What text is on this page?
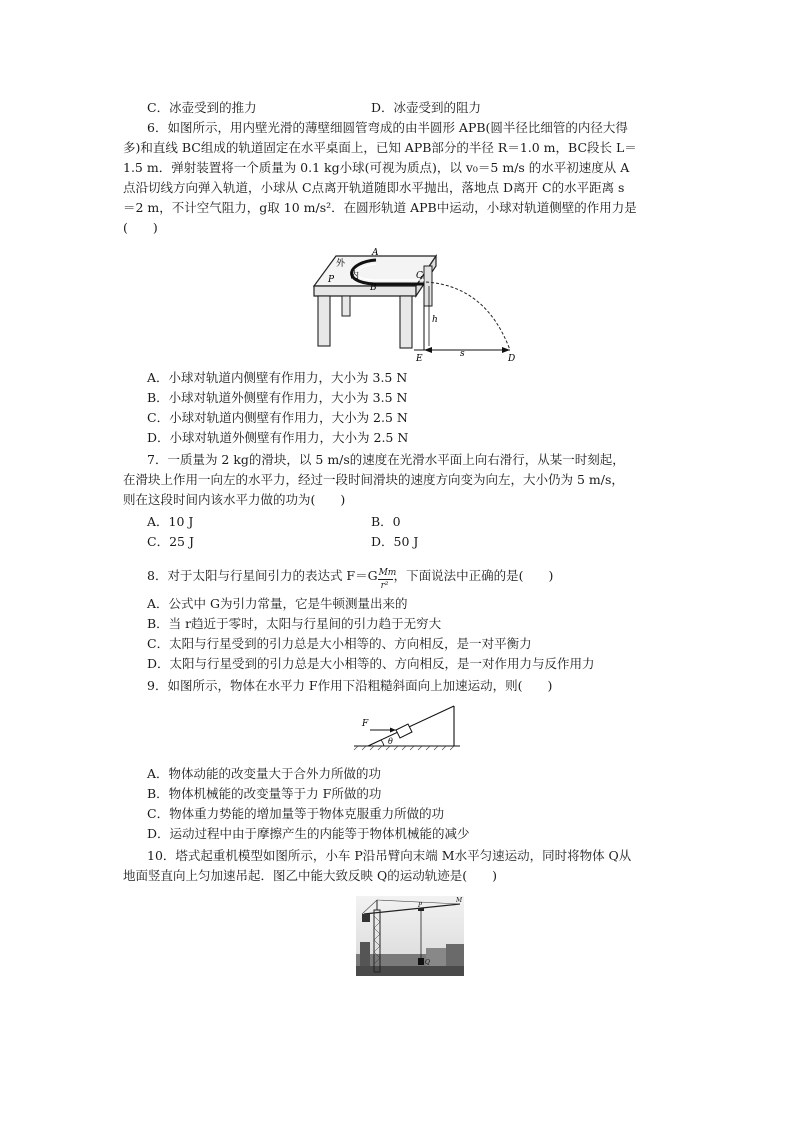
C．冰壶受到的推力	D．冰壶受到的阻力
6．如图所示，用内壁光滑的薄壁细圆管弯成的由半圆形 APB(圆半径比细管的内径大得
多)和直线 BC组成的轨道固定在水平桌面上，已知 APB部分的半径 R＝1.0 m，BC段长 L＝
1.5 m．弹射装置将一个质量为 0.1 kg小球(可视为质点)，以 v₀＝5 m/s 的水平初速度从 A
点沿切线方向弹入轨道，小球从 C点离开轨道随即水平抛出，落地点 D离开 C的水平距离 s
＝2 m，不计空气阻力，g取 10 m/s²．在圆形轨道 APB中运动，小球对轨道侧壁的作用力是
(　　)
A
外
内
P
B
C
h
E	s	D
A．小球对轨道内侧壁有作用力，大小为 3.5 N
B．小球对轨道外侧壁有作用力，大小为 3.5 N
C．小球对轨道内侧壁有作用力，大小为 2.5 N
D．小球对轨道外侧壁有作用力，大小为 2.5 N
7．一质量为 2 kg的滑块，以 5 m/s的速度在光滑水平面上向右滑行，从某一时刻起，
在滑块上作用一向左的水平力，经过一段时间滑块的速度方向变为向左，大小仍为 5 m/s，
则在这段时间内该水平力做的功为(　　)
A．10 J	B．0
C．25 J	D．50 J
8．对于太阳与行星间引力的表达式 F＝G
$\frac{Mm}{\text{r²}}$
，下面说法中正确的是(　　)
A．公式中 G为引力常量，它是牛顿测量出来的
B．当 r趋近于零时，太阳与行星间的引力趋于无穷大
C．太阳与行星受到的引力总是大小相等的、方向相反，是一对平衡力
D．太阳与行星受到的引力总是大小相等的、方向相反，是一对作用力与反作用力
9．如图所示，物体在水平力 F作用下沿粗糙斜面向上加速运动，则(　　)
F
θ
A．物体动能的改变量大于合外力所做的功
B．物体机械能的改变量等于力 F所做的功
C．物体重力势能的增加量等于物体克服重力所做的功
D．运动过程中由于摩擦产生的内能等于物体机械能的减少
10．塔式起重机模型如图所示，小车 P沿吊臂向末端 M水平匀速运动，同时将物体 Q从
地面竖直向上匀加速吊起．图乙中能大致反映 Q的运动轨迹是(　　)
P
M
Q
